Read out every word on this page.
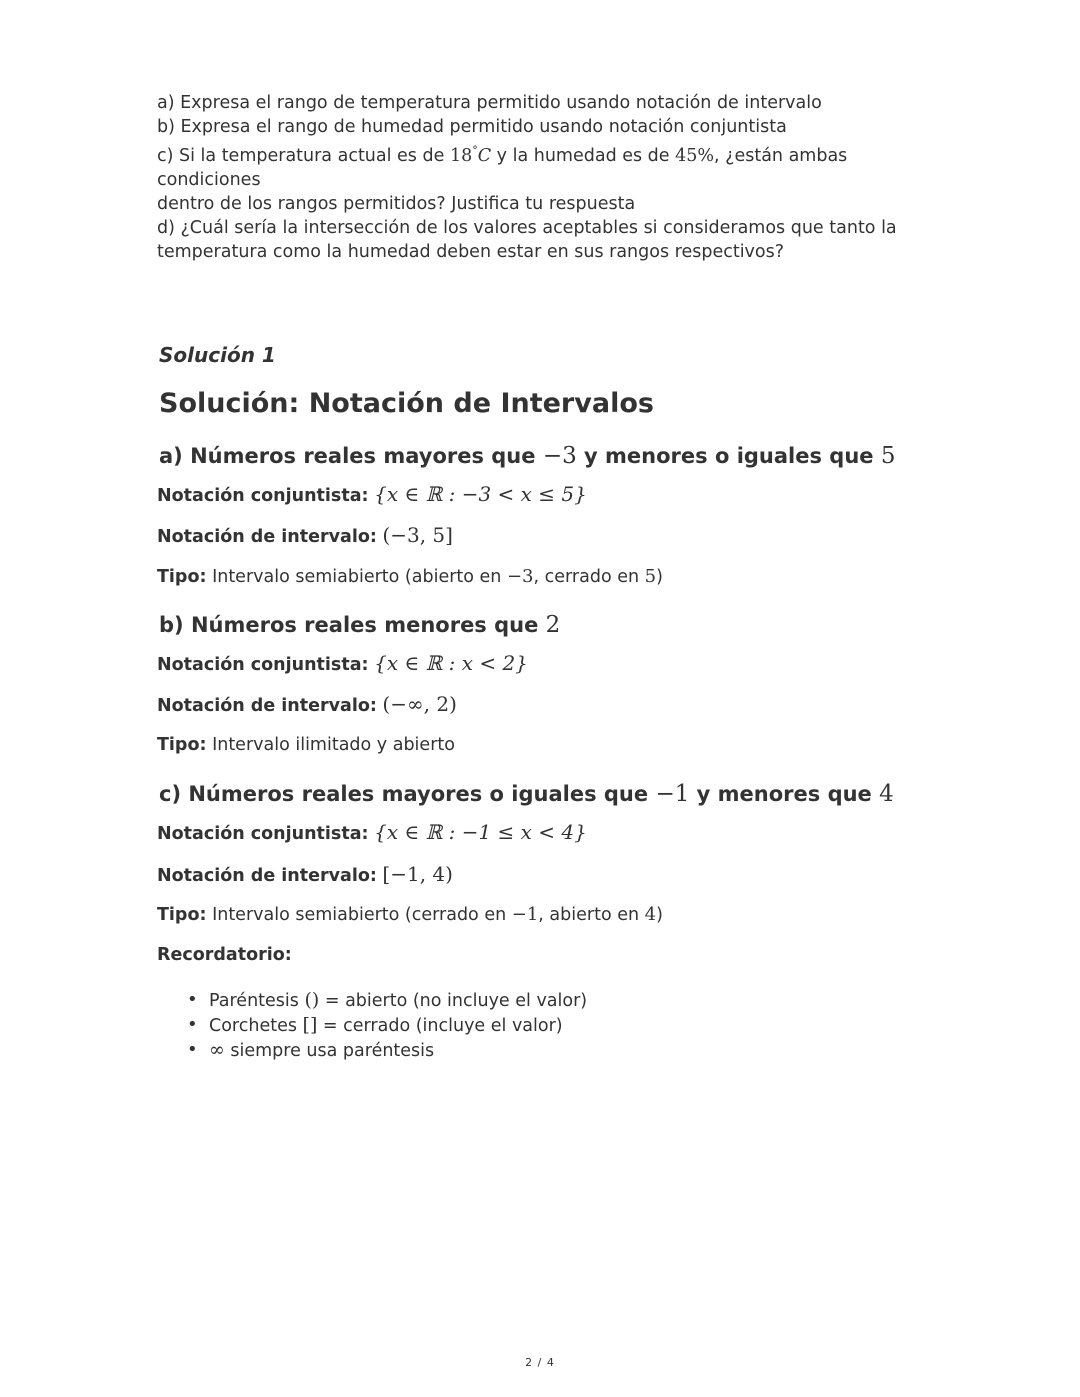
a) Expresa el rango de temperatura permitido usando notación de intervalo

b) Expresa el rango de humedad permitido usando notación conjuntista

c) Si la temperatura actual es de 18°C y la humedad es de 45%, ¿están ambas condiciones

dentro de los rangos permitidos? Justifica tu respuesta

d) ¿Cuál sería la intersección de los valores aceptables si consideramos que tanto la

temperatura como la humedad deben estar en sus rangos respectivos?

Solución 1

Solución: Notación de Intervalos
a) Números reales mayores que −3 y menores o iguales que 5

Notación conjuntista: {x ∈ ℝ : −3 < x ≤ 5}

Notación de intervalo: (−3, 5]

Tipo: Intervalo semiabierto (abierto en −3, cerrado en 5)

b) Números reales menores que 2

Notación conjuntista: {x ∈ ℝ : x < 2}

Notación de intervalo: (−∞, 2)

Tipo: Intervalo ilimitado y abierto

c) Números reales mayores o iguales que −1 y menores que 4

Notación conjuntista: {x ∈ ℝ : −1 ≤ x < 4}

Notación de intervalo: [−1, 4)

Tipo: Intervalo semiabierto (cerrado en −1, abierto en 4)

Recordatorio:

• Paréntesis () = abierto (no incluye el valor)
• Corchetes [] = cerrado (incluye el valor)
• ∞ siempre usa paréntesis
2 / 4
